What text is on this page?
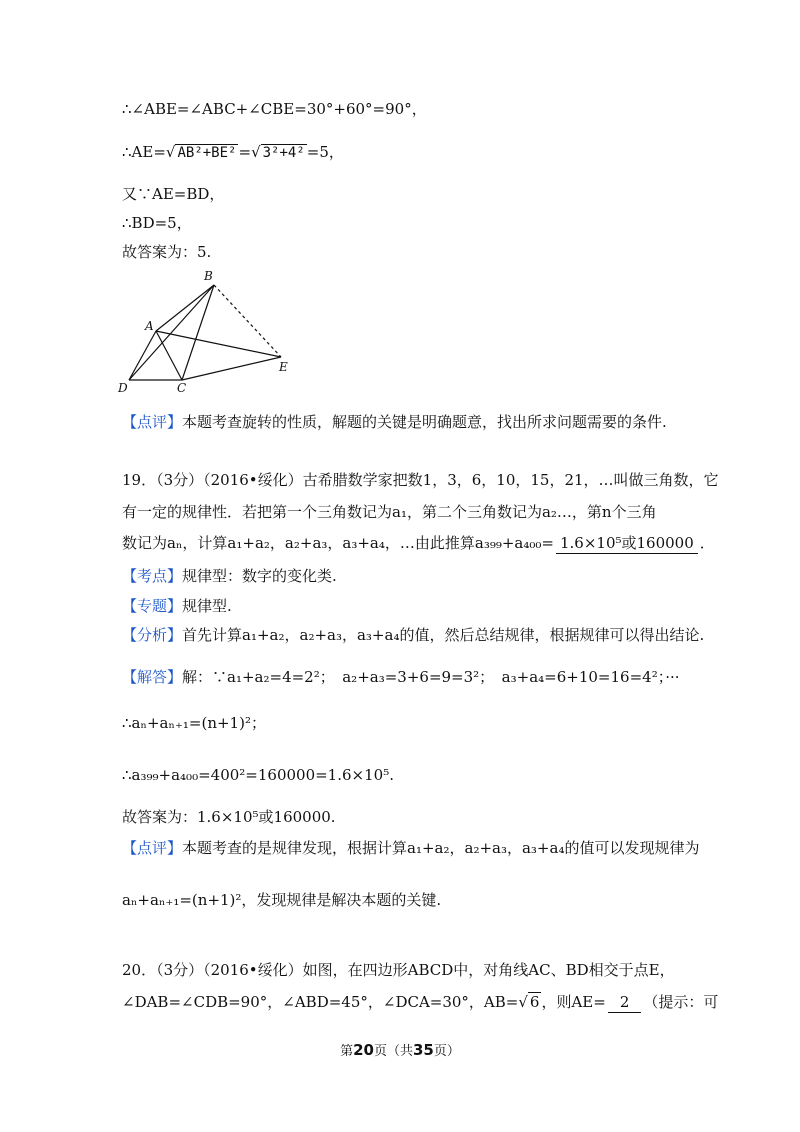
∴∠ABE=∠ABC+∠CBE=30°+60°=90°，
∴AE=√ AB²+BE² =√ 3²+4² =5，
又∵AE=BD，
∴BD=5，
故答案为：5.
B
A
E
D	C
【点评】本题考查旋转的性质，解题的关键是明确题意，找出所求问题需要的条件.
19．（3分）（2016•绥化）古希腊数学家把数1，3，6，10，15，21，…叫做三角数，它
有一定的规律性．若把第一个三角数记为a₁，第二个三角数记为a₂…，第n个三角
数记为aₙ，计算a₁+a₂，a₂+a₃，a₃+a₄，…由此推算a₃₉₉+a₄₀₀= 1.6×10⁵或160000 ．
【考点】规律型：数字的变化类.
【专题】规律型.
【分析】首先计算a₁+a₂，a₂+a₃，a₃+a₄的值，然后总结规律，根据规律可以得出结论.
【解答】解：∵a₁+a₂=4=2²；　a₂+a₃=3+6=9=3²；　a₃+a₄=6+10=16=4²；···
∴aₙ+aₙ₊₁=(n+1)²；
∴a₃₉₉+a₄₀₀=400²=160000=1.6×10⁵.
故答案为：1.6×10⁵或160000.
【点评】本题考查的是规律发现，根据计算a₁+a₂，a₂+a₃，a₃+a₄的值可以发现规律为
aₙ+aₙ₊₁=(n+1)²，发现规律是解决本题的关键.
20．（3分）（2016•绥化）如图，在四边形ABCD中，对角线AC、BD相交于点E，
∠DAB=∠CDB=90°，∠ABD=45°，∠DCA=30°，AB=√ 6 ，则AE= 2 （提示：可
第20页（共35页）
